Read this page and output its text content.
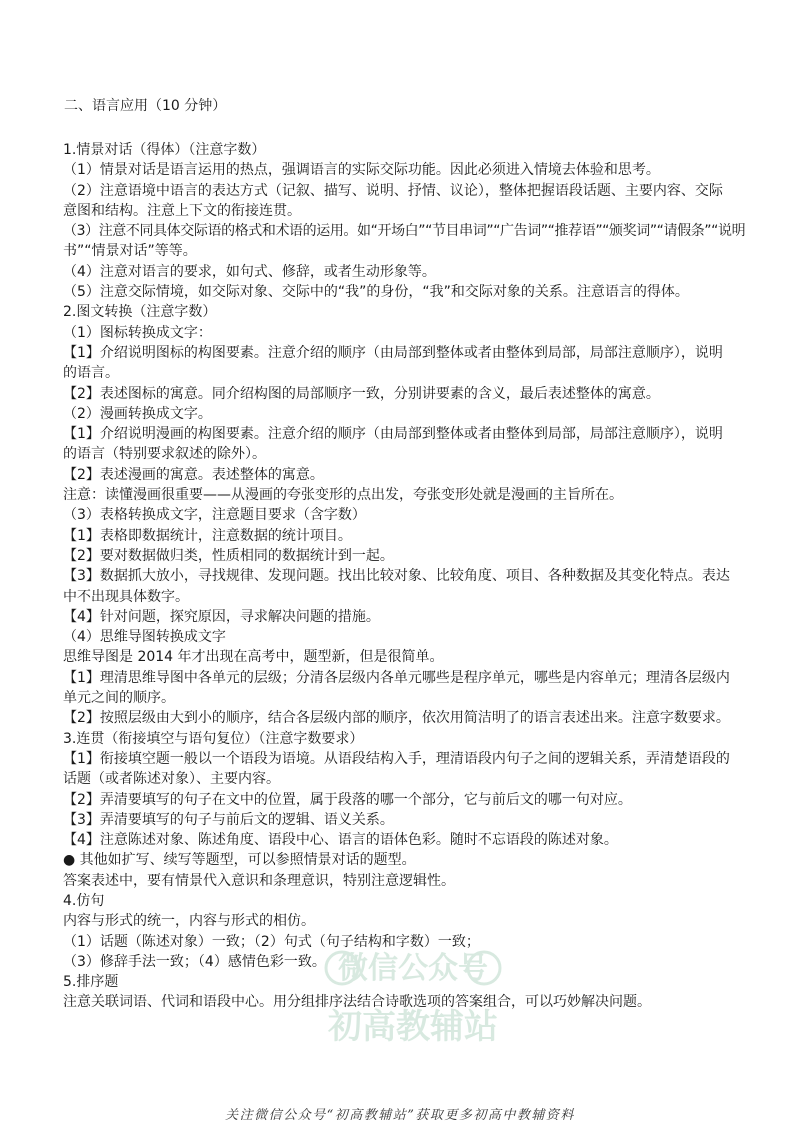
二、语言应用（10 分钟）
1.情景对话（得体）（注意字数）
（1）情景对话是语言运用的热点，强调语言的实际交际功能。因此必须进入情境去体验和思考。
（2）注意语境中语言的表达方式（记叙、描写、说明、抒情、议论），整体把握语段话题、主要内容、交际
意图和结构。注意上下文的衔接连贯。
（3）注意不同具体交际语的格式和术语的运用。如“开场白”“节目串词”“广告词”“推荐语”“颁奖词”“请假条”“说明
书”“情景对话”等等。
（4）注意对语言的要求，如句式、修辞，或者生动形象等。
（5）注意交际情境，如交际对象、交际中的“我”的身份，“我”和交际对象的关系。注意语言的得体。
2.图文转换（注意字数）
（1）图标转换成文字：
【1】介绍说明图标的构图要素。注意介绍的顺序（由局部到整体或者由整体到局部，局部注意顺序），说明
的语言。
【2】表述图标的寓意。同介绍构图的局部顺序一致，分别讲要素的含义，最后表述整体的寓意。
（2）漫画转换成文字。
【1】介绍说明漫画的构图要素。注意介绍的顺序（由局部到整体或者由整体到局部，局部注意顺序），说明
的语言（特别要求叙述的除外）。
【2】表述漫画的寓意。表述整体的寓意。
注意：读懂漫画很重要——从漫画的夸张变形的点出发，夸张变形处就是漫画的主旨所在。
（3）表格转换成文字，注意题目要求（含字数）
【1】表格即数据统计，注意数据的统计项目。
【2】要对数据做归类，性质相同的数据统计到一起。
【3】数据抓大放小，寻找规律、发现问题。找出比较对象、比较角度、项目、各种数据及其变化特点。表达
中不出现具体数字。
【4】针对问题，探究原因，寻求解决问题的措施。
（4）思维导图转换成文字
思维导图是 2014 年才出现在高考中，题型新，但是很简单。
【1】理清思维导图中各单元的层级；分清各层级内各单元哪些是程序单元，哪些是内容单元；理清各层级内
单元之间的顺序。
【2】按照层级由大到小的顺序，结合各层级内部的顺序，依次用简洁明了的语言表述出来。注意字数要求。
3.连贯（衔接填空与语句复位）（注意字数要求）
【1】衔接填空题一般以一个语段为语境。从语段结构入手，理清语段内句子之间的逻辑关系，弄清楚语段的
话题（或者陈述对象）、主要内容。
【2】弄清要填写的句子在文中的位置，属于段落的哪一个部分，它与前后文的哪一句对应。
【3】弄清要填写的句子与前后文的逻辑、语义关系。
【4】注意陈述对象、陈述角度、语段中心、语言的语体色彩。随时不忘语段的陈述对象。
● 其他如扩写、续写等题型，可以参照情景对话的题型。
答案表述中，要有情景代入意识和条理意识，特别注意逻辑性。
4.仿句
内容与形式的统一，内容与形式的相仿。
（1）话题（陈述对象）一致；（2）句式（句子结构和字数）一致；
（3）修辞手法一致；（4）感情色彩一致。
5.排序题
注意关联词语、代词和语段中心。用分组排序法结合诗歌选项的答案组合，可以巧妙解决问题。
微信公众号
初高教辅站
关注微信公众号“初高教辅站”获取更多初高中教辅资料
